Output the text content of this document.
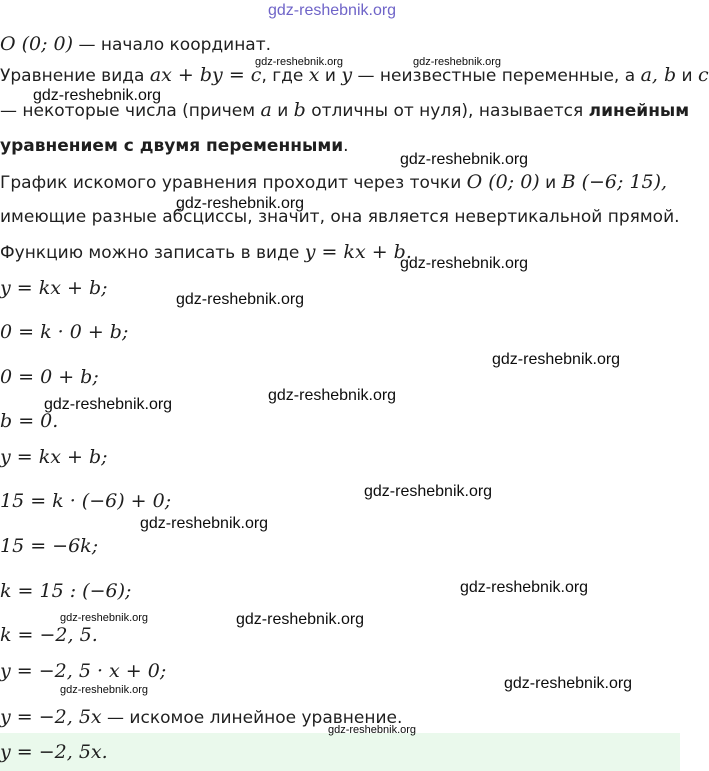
gdz-reshebnik.org
O (0; 0) — начало координат.
Уравнение вида ax + by = c, где x и y — неизвестные переменные, а a, b и c
— некоторые числа (причем a и b отличны от нуля), называется линейным
уравнением с двумя переменными.
График искомого уравнения проходит через точки O (0; 0) и B (−6; 15),
имеющие разные абсциссы, значит, она является невертикальной прямой.
Функцию можно записать в виде y = kx + b.
y = kx + b;
0 = k · 0 + b;
0 = 0 + b;
b = 0.
y = kx + b;
15 = k · (−6) + 0;
15 = −6k;
k = 15 : (−6);
k = −2, 5.
y = −2, 5 · x + 0;
y = −2, 5x — искомое линейное уравнение.
y = −2, 5x.
gdz-reshebnik.org	gdz-reshebnik.org
gdz-reshebnik.org
gdz-reshebnik.org
gdz-reshebnik.org
gdz-reshebnik.org
gdz-reshebnik.org
gdz-reshebnik.org
gdz-reshebnik.org
gdz-reshebnik.org
gdz-reshebnik.org
gdz-reshebnik.org
gdz-reshebnik.org
gdz-reshebnik.org	gdz-reshebnik.org
gdz-reshebnik.org	gdz-reshebnik.org
gdz-reshebnik.org
